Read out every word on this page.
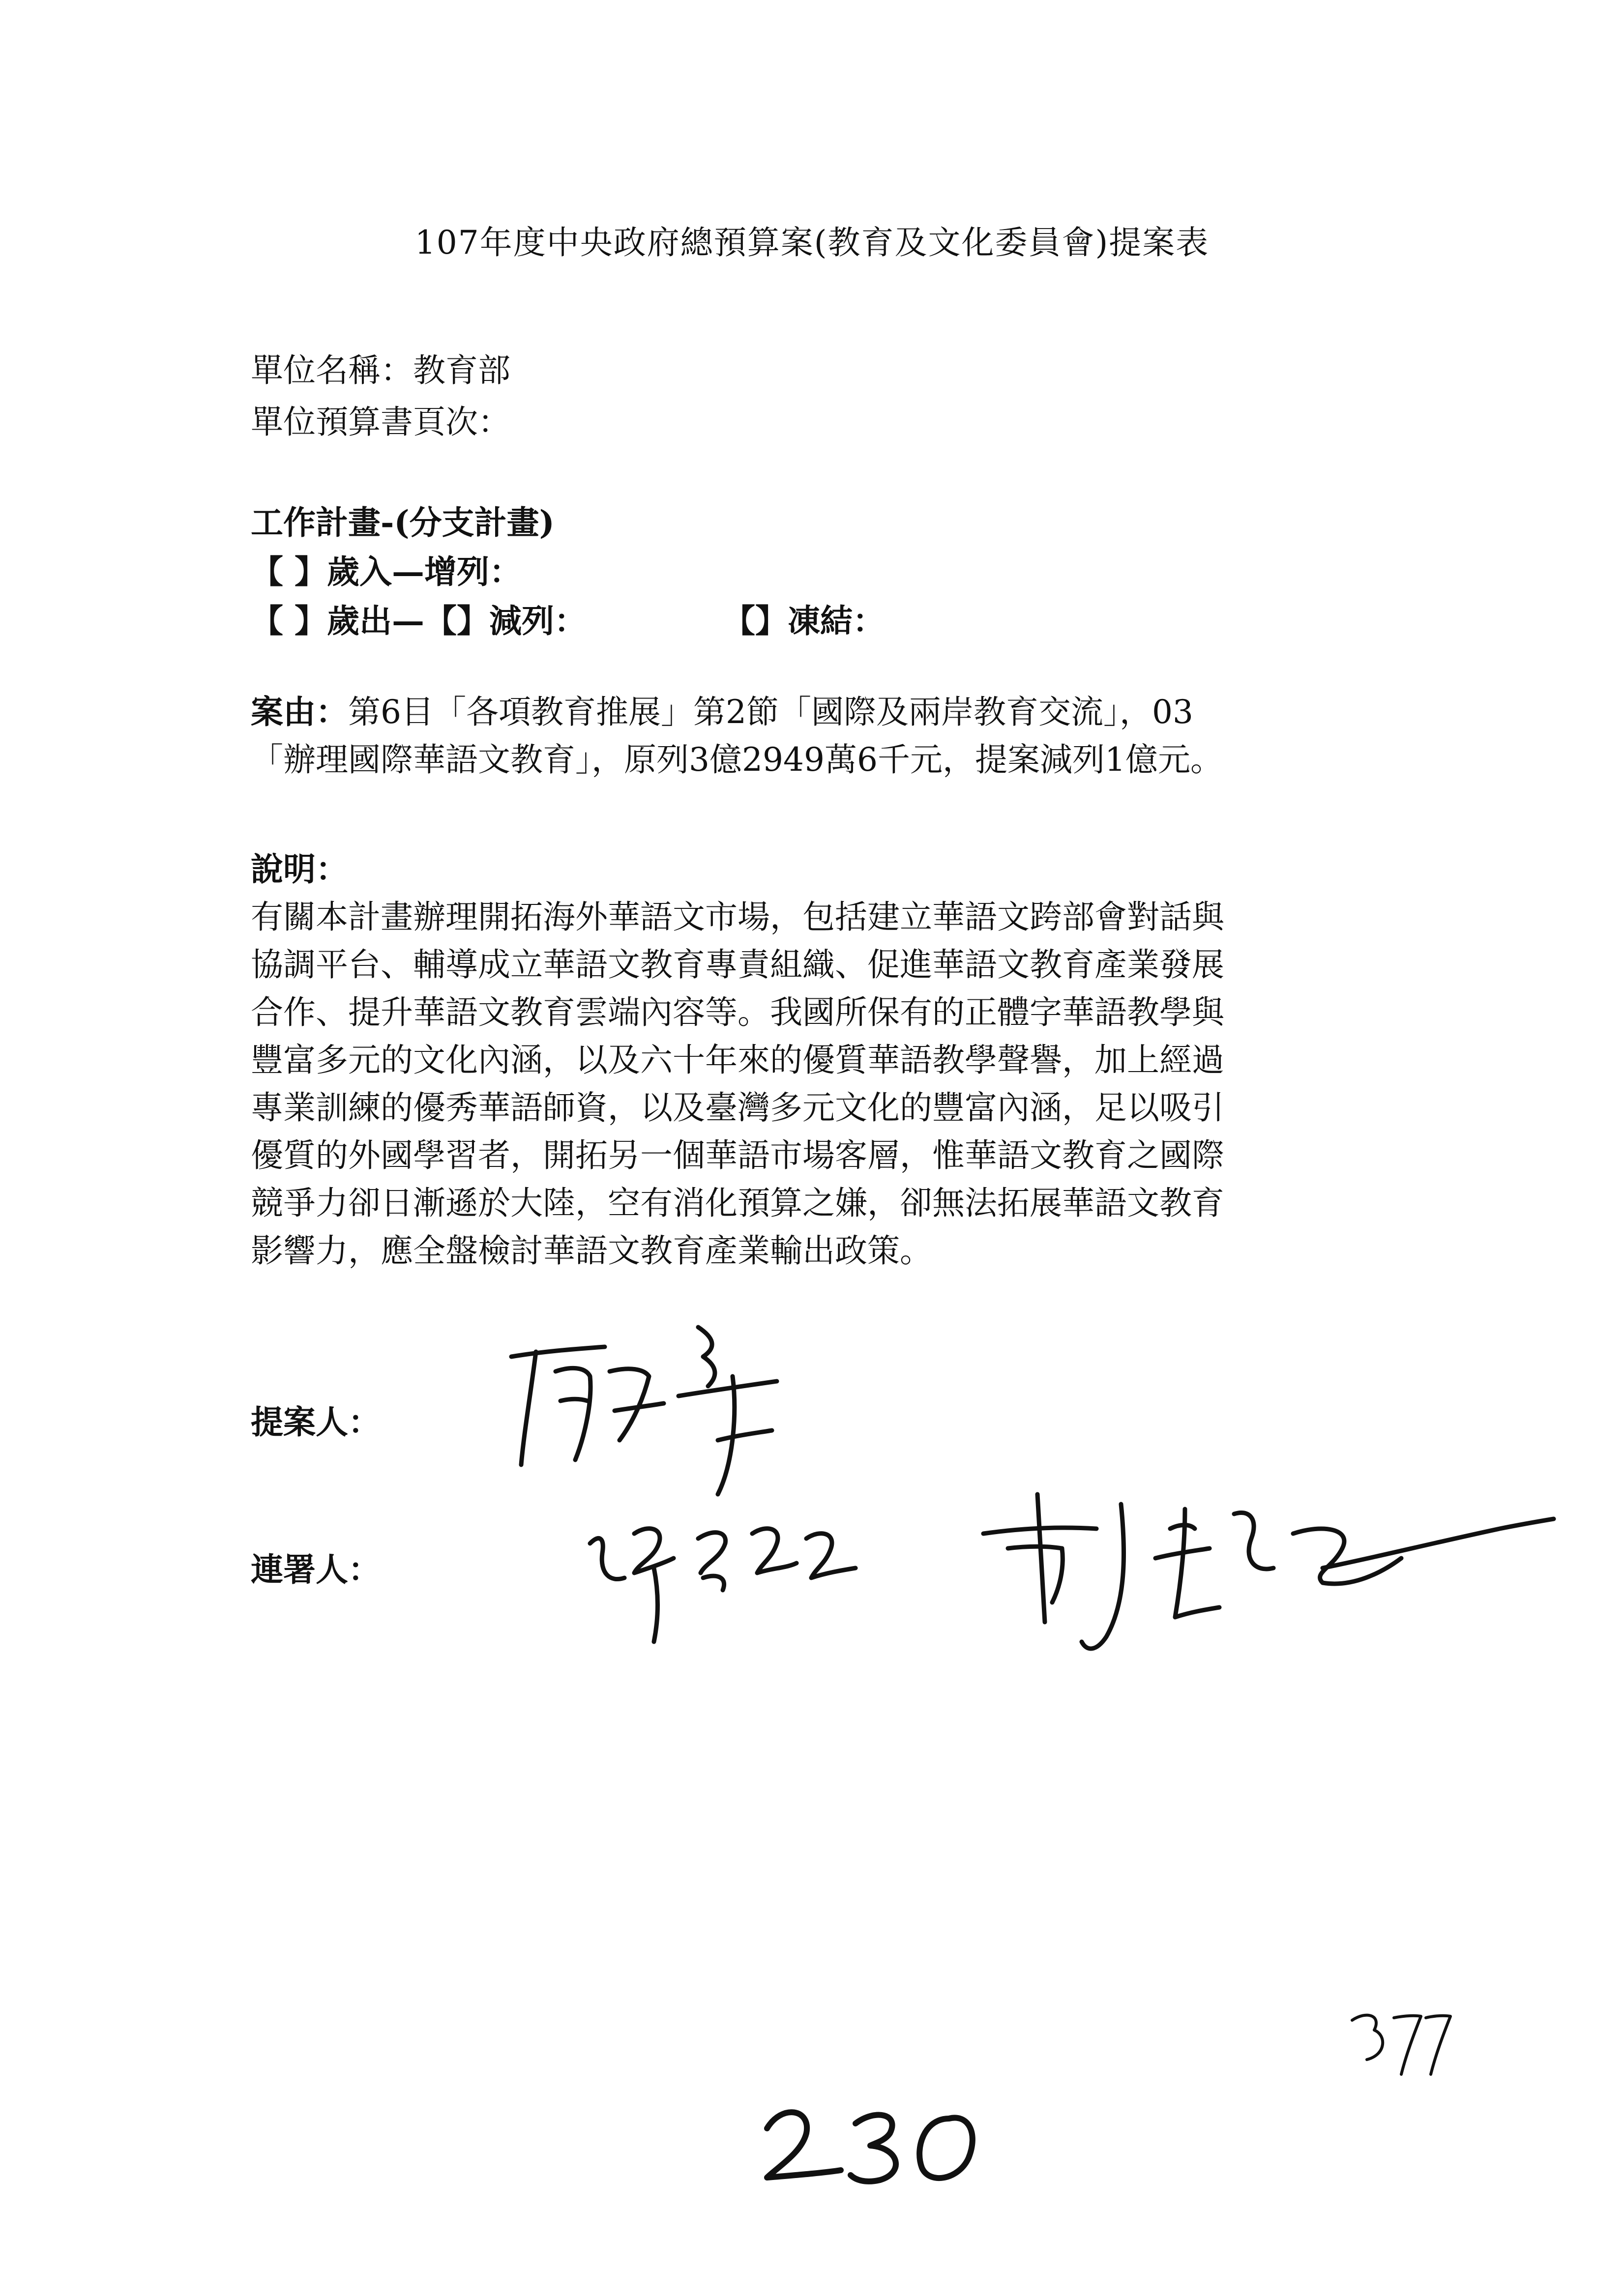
107年度中央政府總預算案(教育及文化委員會)提案表
單位名稱：教育部
單位預算書頁次：
工作計畫-(分支計畫)
【 】歲入—增列：
【 】歲出—【】減列：	【】凍結：
案由：第6目「各項教育推展」第2節「國際及兩岸教育交流」，03
「辦理國際華語文教育」，原列3億2949萬6千元，提案減列1億元。
說明：
有關本計畫辦理開拓海外華語文市場，包括建立華語文跨部會對話與
協調平台、輔導成立華語文教育專責組織、促進華語文教育產業發展
合作、提升華語文教育雲端內容等。我國所保有的正體字華語教學與
豐富多元的文化內涵，以及六十年來的優質華語教學聲譽，加上經過
專業訓練的優秀華語師資，以及臺灣多元文化的豐富內涵，足以吸引
優質的外國學習者，開拓另一個華語市場客層，惟華語文教育之國際
競爭力卻日漸遜於大陸，空有消化預算之嫌，卻無法拓展華語文教育
影響力，應全盤檢討華語文教育產業輸出政策。
提案人：
連署人：
